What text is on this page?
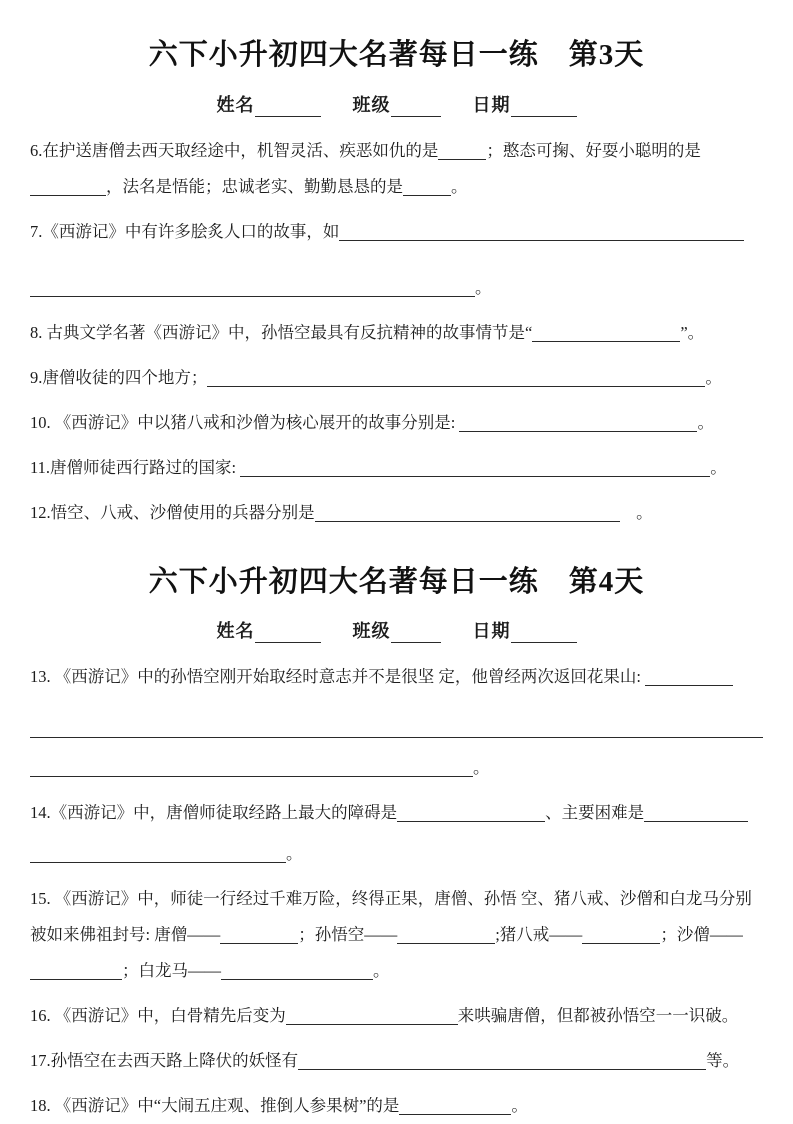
六下小升初四大名著每日一练　第3天
姓名	班级	日期

6.在护送唐僧去西天取经途中，机智灵活、疾恶如仇的是	；憨态可掬、好耍小聪明的是，法名是悟能；忠诚老实、勤勤恳恳的是	。

7.《西游记》中有许多脍炙人口的故事，如
。

8. 古典文学名著《西游记》中，孙悟空最具有反抗精神的故事情节是“	”。

9.唐僧收徒的四个地方；	。

10. 《西游记》中以猪八戒和沙僧为核心展开的故事分别是:	。

11.唐僧师徒西行路过的国家:	。

12.悟空、八戒、沙僧使用的兵器分别是	　。

六下小升初四大名著每日一练　第4天
姓名	班级	日期

13. 《西游记》中的孙悟空刚开始取经时意志并不是很坚 定，他曾经两次返回花果山:
。

14.《西游记》中，唐僧师徒取经路上最大的障碍是	、主要困难是
。

15. 《西游记》中，师徒一行经过千难万险，终得正果，唐僧、孙悟 空、猪八戒、沙僧和白龙马分别被如来佛祖封号: 唐僧——	；孙悟空——	;猪八戒——	；沙僧——；白龙马——	。

16. 《西游记》中，白骨精先后变为	来哄骗唐僧，但都被孙悟空一一识破。

17.孙悟空在去西天路上降伏的妖怪有	等。

18. 《西游记》中“大闹五庄观、推倒人参果树”的是	。
